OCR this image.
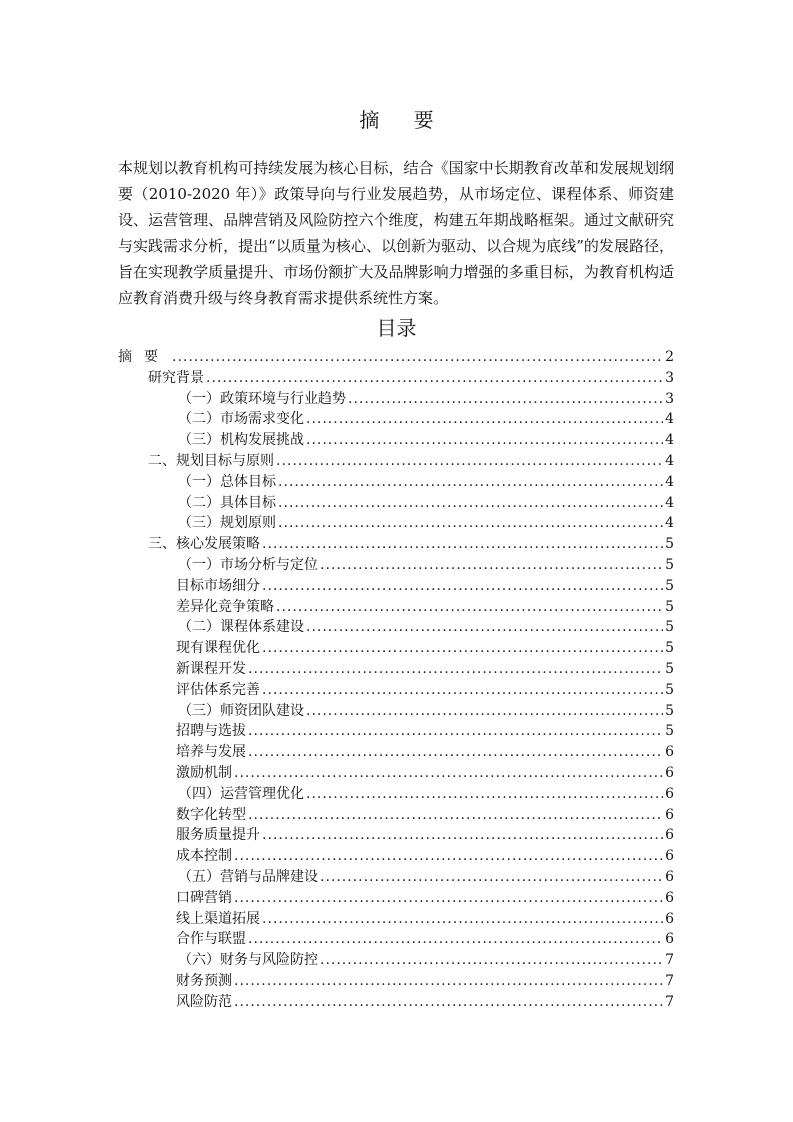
摘 要
本规划以教育机构可持续发展为核心目标，结合《国家中长期教育改革和发展规划纲要（2010-2020 年）》政策导向与行业发展趋势，从市场定位、课程体系、师资建设、运营管理、品牌营销及风险防控六个维度，构建五年期战略框架。通过文献研究与实践需求分析，提出“以质量为核心、以创新为驱动、以合规为底线”的发展路径，旨在实现教学质量提升、市场份额扩大及品牌影响力增强的多重目标，为教育机构适应教育消费升级与终身教育需求提供系统性方案。
目录
摘要 .....	2
研究背景 .....	3
（一）政策环境与行业趋势 .....	3
（二）市场需求变化 .....	4
（三）机构发展挑战 .....	4
二、规划目标与原则 .....	4
（一）总体目标 .....	4
（二）具体目标 .....	4
（三）规划原则 .....	4
三、核心发展策略 .....	5
（一）市场分析与定位 .....	5
目标市场细分 .....	5
差异化竞争策略 .....	5
（二）课程体系建设 .....	5
现有课程优化 .....	5
新课程开发 .....	5
评估体系完善 .....	5
（三）师资团队建设 .....	5
招聘与选拔 .....	5
培养与发展 .....	6
激励机制 .....	6
（四）运营管理优化 .....	6
数字化转型 .....	6
服务质量提升 .....	6
成本控制 .....	6
（五）营销与品牌建设 .....	6
口碑营销 .....	6
线上渠道拓展 .....	6
合作与联盟 .....	6
（六）财务与风险防控 .....	7
财务预测 .....	7
风险防范 .....	7
